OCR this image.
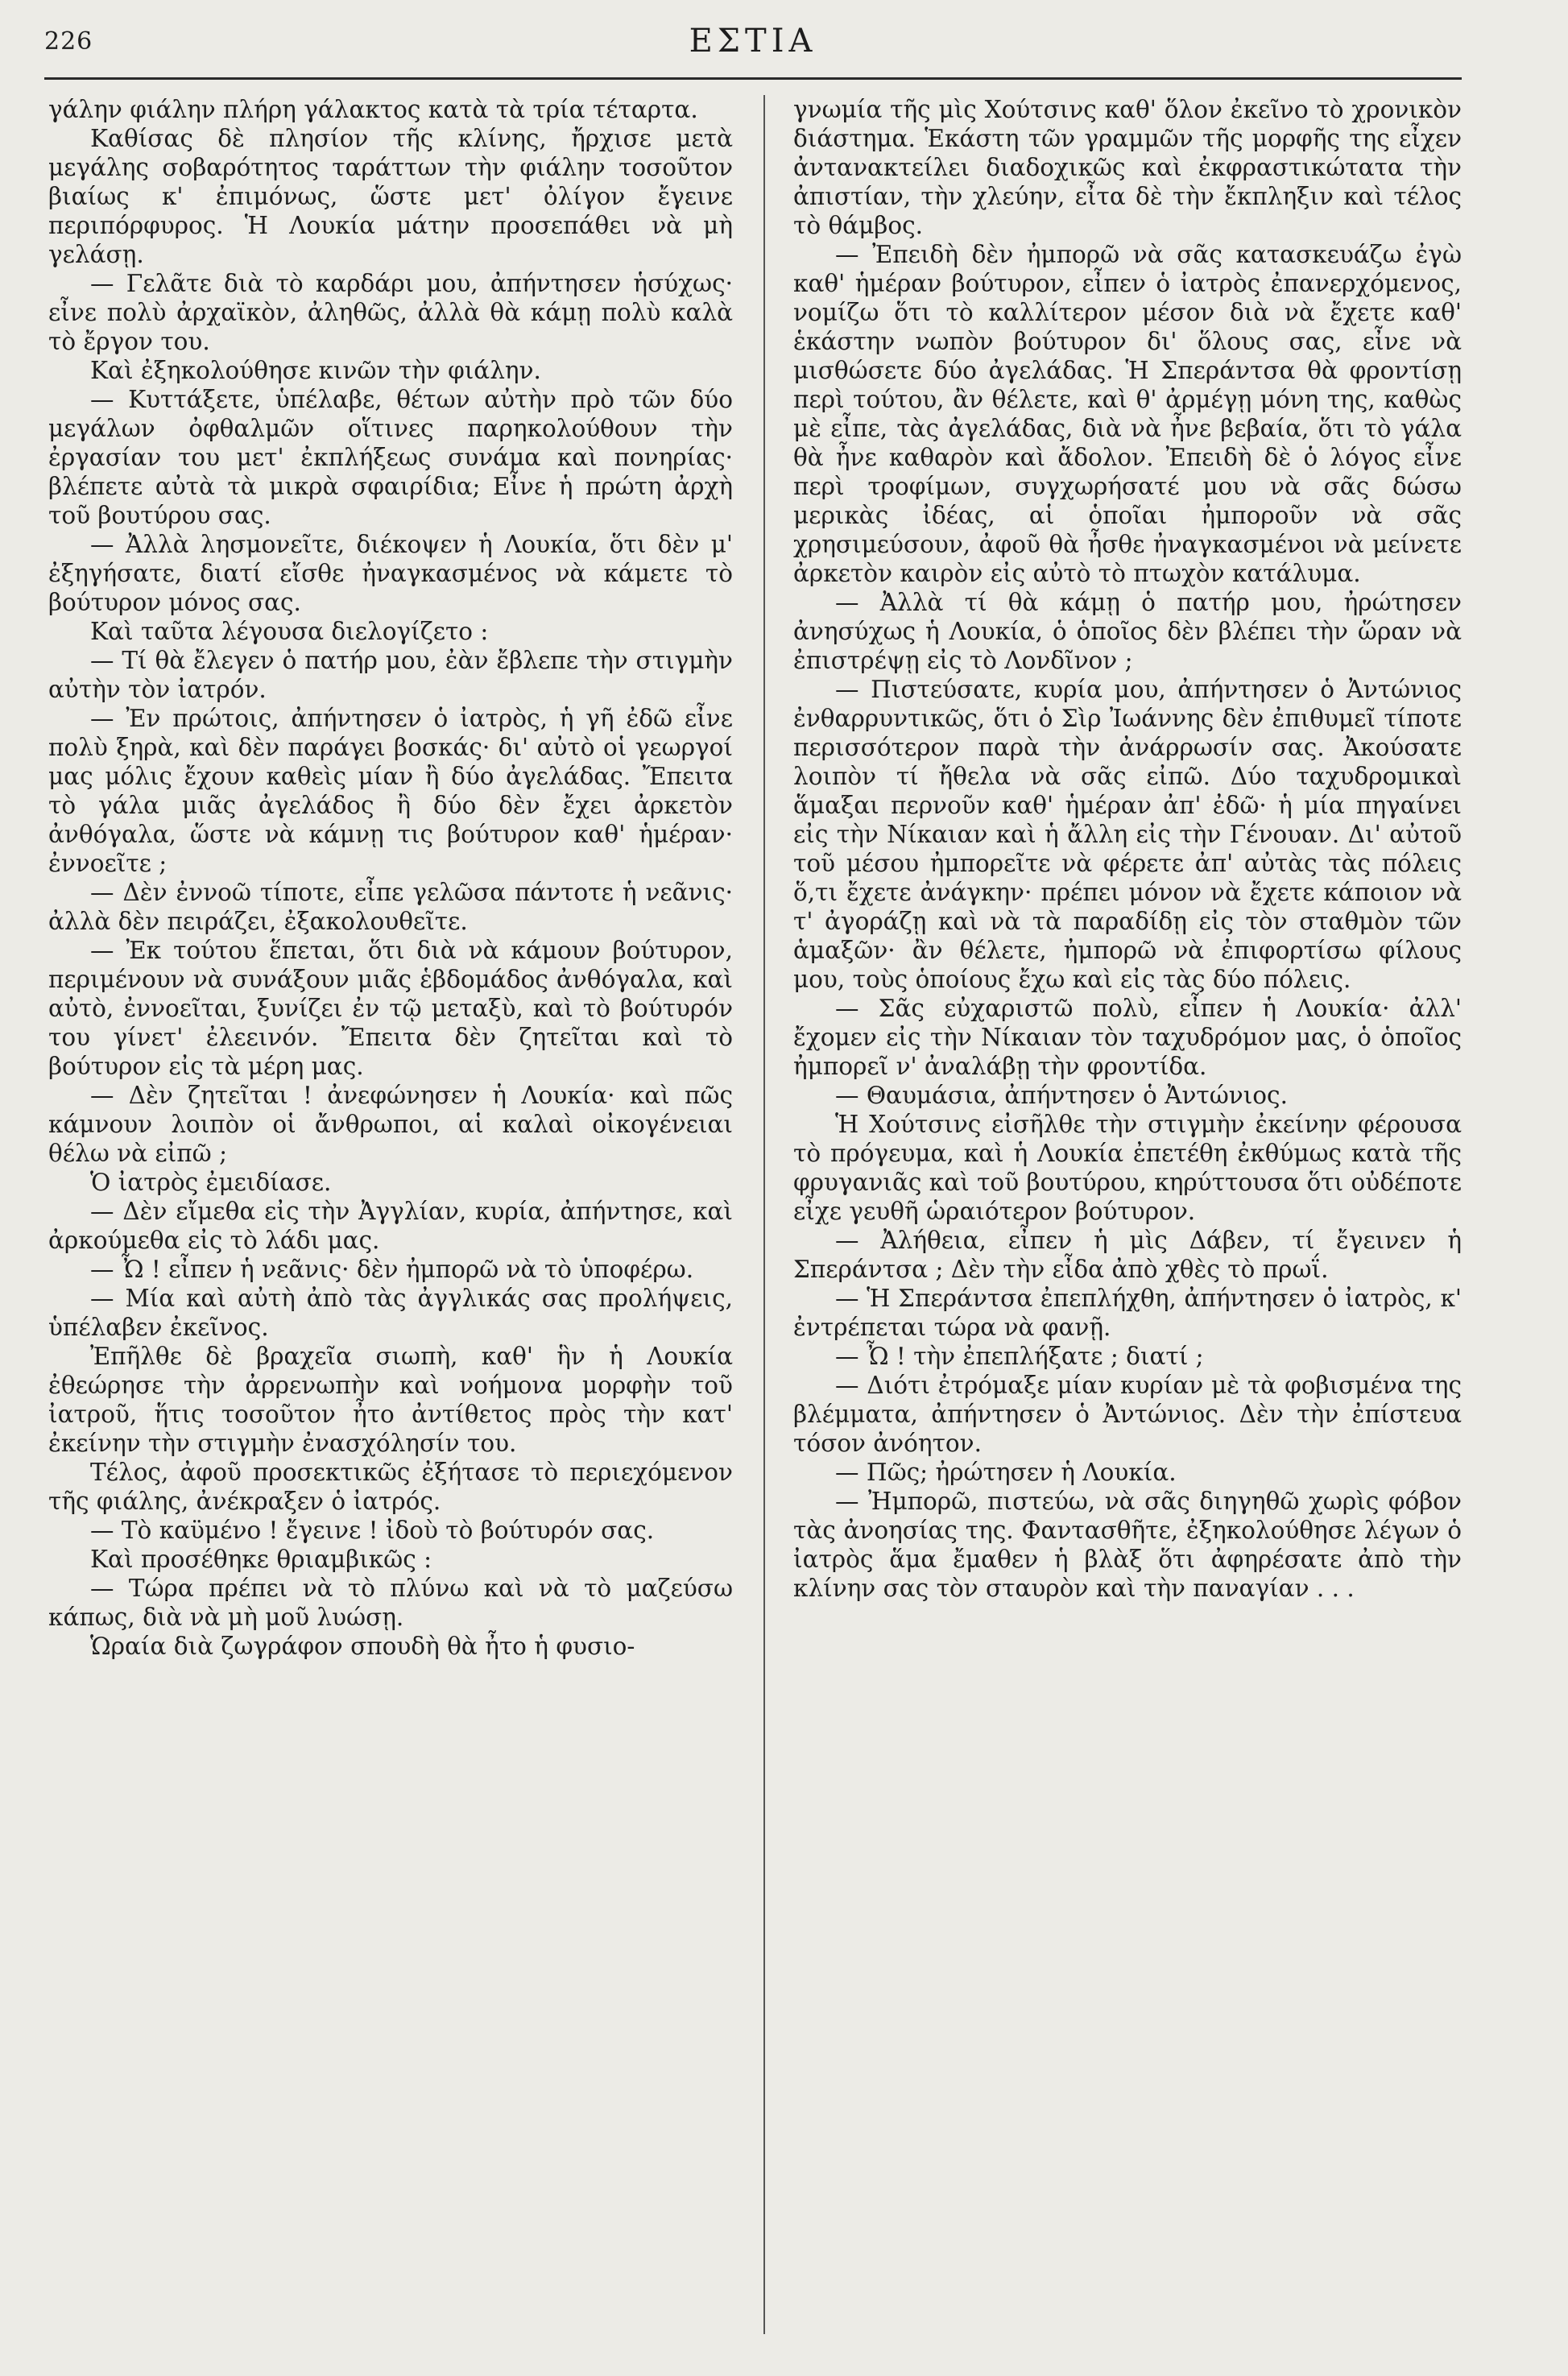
226	ΕΣΤΙΑ

γάλην φιάλην πλήρη γάλακτος κατὰ τὰ τρία τέταρτα.

Καθίσας δὲ πλησίον τῆς κλίνης, ἤρχισε μετὰ μεγάλης σοβαρότητος ταράττων τὴν φιάλην τοσοῦτον βιαίως κ' ἐπιμόνως, ὥστε μετ' ὀλίγον ἔγεινε περιπόρφυρος. Ἡ Λουκία μάτην προσεπάθει νὰ μὴ γελάσῃ.

— Γελᾶτε διὰ τὸ καρδάρι μου, ἀπήντησεν ἡσύχως· εἶνε πολὺ ἀρχαϊκὸν, ἀληθῶς, ἀλλὰ θὰ κάμῃ πολὺ καλὰ τὸ ἔργον του.

Καὶ ἐξηκολούθησε κινῶν τὴν φιάλην.

— Κυττάξετε, ὑπέλαβε, θέτων αὐτὴν πρὸ τῶν δύο μεγάλων ὀφθαλμῶν οἵτινες παρηκολούθουν τὴν ἐργασίαν του μετ' ἐκπλήξεως συνάμα καὶ πονηρίας· βλέπετε αὐτὰ τὰ μικρὰ σφαιρίδια; Εἶνε ἡ πρώτη ἀρχὴ τοῦ βουτύρου σας.

— Ἀλλὰ λησμονεῖτε, διέκοψεν ἡ Λουκία, ὅτι δὲν μ' ἐξηγήσατε, διατί εἴσθε ἠναγκασμένος νὰ κάμετε τὸ βούτυρον μόνος σας.

Καὶ ταῦτα λέγουσα διελογίζετο :

— Τί θὰ ἔλεγεν ὁ πατήρ μου, ἐὰν ἔβλεπε τὴν στιγμὴν αὐτὴν τὸν ἰατρόν.

— Ἐν πρώτοις, ἀπήντησεν ὁ ἰατρὸς, ἡ γῆ ἐδῶ εἶνε πολὺ ξηρὰ, καὶ δὲν παράγει βοσκάς· δι' αὐτὸ οἱ γεωργοί μας μόλις ἔχουν καθεὶς μίαν ἢ δύο ἀγελάδας. Ἔπειτα τὸ γάλα μιᾶς ἀγελάδος ἢ δύο δὲν ἔχει ἀρκετὸν ἀνθόγαλα, ὥστε νὰ κάμνῃ τις βούτυρον καθ' ἡμέραν· ἐννοεῖτε ;

— Δὲν ἐννοῶ τίποτε, εἶπε γελῶσα πάντοτε ἡ νεᾶνις· ἀλλὰ δὲν πειράζει, ἐξακολουθεῖτε.

— Ἐκ τούτου ἕπεται, ὅτι διὰ νὰ κάμουν βούτυρον, περιμένουν νὰ συνάξουν μιᾶς ἑβδομάδος ἀνθόγαλα, καὶ αὐτὸ, ἐννοεῖται, ξυνίζει ἐν τῷ μεταξὺ, καὶ τὸ βούτυρόν του γίνετ' ἐλεεινόν. Ἔπειτα δὲν ζητεῖται καὶ τὸ βούτυρον εἰς τὰ μέρη μας.

— Δὲν ζητεῖται ! ἀνεφώνησεν ἡ Λουκία· καὶ πῶς κάμνουν λοιπὸν οἱ ἄνθρωποι, αἱ καλαὶ οἰκογένειαι θέλω νὰ εἰπῶ ;

Ὁ ἰατρὸς ἐμειδίασε.

— Δὲν εἴμεθα εἰς τὴν Ἀγγλίαν, κυρία, ἀπήντησε, καὶ ἀρκούμεθα εἰς τὸ λάδι μας.

— Ὦ ! εἶπεν ἡ νεᾶνις· δὲν ἠμπορῶ νὰ τὸ ὑποφέρω.

— Μία καὶ αὐτὴ ἀπὸ τὰς ἀγγλικάς σας προλήψεις, ὑπέλαβεν ἐκεῖνος.

Ἐπῆλθε δὲ βραχεῖα σιωπὴ, καθ' ἣν ἡ Λουκία ἐθεώρησε τὴν ἀρρενωπὴν καὶ νοήμονα μορφὴν τοῦ ἰατροῦ, ἥτις τοσοῦτον ἦτο ἀντίθετος πρὸς τὴν κατ' ἐκείνην τὴν στιγμὴν ἐνασχόλησίν του.

Τέλος, ἀφοῦ προσεκτικῶς ἐξήτασε τὸ περιεχόμενον τῆς φιάλης, ἀνέκραξεν ὁ ἰατρός.

— Τὸ καϋμένο ! ἔγεινε ! ἰδοὺ τὸ βούτυρόν σας.

Καὶ προσέθηκε θριαμβικῶς :

— Τώρα πρέπει νὰ τὸ πλύνω καὶ νὰ τὸ μαζεύσω κάπως, διὰ νὰ μὴ μοῦ λυώσῃ.

Ὡραία διὰ ζωγράφον σπουδὴ θὰ ἦτο ἡ φυσιο-

γνωμία τῆς μὶς Χούτσινς καθ' ὅλον ἐκεῖνο τὸ χρονικὸν διάστημα. Ἑκάστη τῶν γραμμῶν τῆς μορφῆς της εἶχεν ἀντανακτείλει διαδοχικῶς καὶ ἐκφραστικώτατα τὴν ἀπιστίαν, τὴν χλεύην, εἶτα δὲ τὴν ἔκπληξιν καὶ τέλος τὸ θάμβος.

— Ἐπειδὴ δὲν ἠμπορῶ νὰ σᾶς κατασκευάζω ἐγὼ καθ' ἡμέραν βούτυρον, εἶπεν ὁ ἰατρὸς ἐπανερχόμενος, νομίζω ὅτι τὸ καλλίτερον μέσον διὰ νὰ ἔχετε καθ' ἑκάστην νωπὸν βούτυρον δι' ὅλους σας, εἶνε νὰ μισθώσετε δύο ἀγελάδας. Ἡ Σπεράντσα θὰ φροντίσῃ περὶ τούτου, ἂν θέλετε, καὶ θ' ἀρμέγῃ μόνη της, καθὼς μὲ εἶπε, τὰς ἀγελάδας, διὰ νὰ ἦνε βεβαία, ὅτι τὸ γάλα θὰ ἦνε καθαρὸν καὶ ἄδολον. Ἐπειδὴ δὲ ὁ λόγος εἶνε περὶ τροφίμων, συγχωρήσατέ μου νὰ σᾶς δώσω μερικὰς ἰδέας, αἱ ὁποῖαι ἠμποροῦν νὰ σᾶς χρησιμεύσουν, ἀφοῦ θὰ ἦσθε ἠναγκασμένοι νὰ μείνετε ἀρκετὸν καιρὸν εἰς αὐτὸ τὸ πτωχὸν κατάλυμα.

— Ἀλλὰ τί θὰ κάμῃ ὁ πατήρ μου, ἠρώτησεν ἀνησύχως ἡ Λουκία, ὁ ὁποῖος δὲν βλέπει τὴν ὥραν νὰ ἐπιστρέψῃ εἰς τὸ Λονδῖνον ;

— Πιστεύσατε, κυρία μου, ἀπήντησεν ὁ Ἀντώνιος ἐνθαρρυντικῶς, ὅτι ὁ Σὶρ Ἰωάννης δὲν ἐπιθυμεῖ τίποτε περισσότερον παρὰ τὴν ἀνάρρωσίν σας. Ἀκούσατε λοιπὸν τί ἤθελα νὰ σᾶς εἰπῶ. Δύο ταχυδρομικαὶ ἅμαξαι περνοῦν καθ' ἡμέραν ἀπ' ἐδῶ· ἡ μία πηγαίνει εἰς τὴν Νίκαιαν καὶ ἡ ἄλλη εἰς τὴν Γένουαν. Δι' αὐτοῦ τοῦ μέσου ἠμπορεῖτε νὰ φέρετε ἀπ' αὐτὰς τὰς πόλεις ὅ,τι ἔχετε ἀνάγκην· πρέπει μόνον νὰ ἔχετε κάποιον νὰ τ' ἀγοράζῃ καὶ νὰ τὰ παραδίδῃ εἰς τὸν σταθμὸν τῶν ἁμαξῶν· ἂν θέλετε, ἠμπορῶ νὰ ἐπιφορτίσω φίλους μου, τοὺς ὁποίους ἔχω καὶ εἰς τὰς δύο πόλεις.

— Σᾶς εὐχαριστῶ πολὺ, εἶπεν ἡ Λουκία· ἀλλ' ἔχομεν εἰς τὴν Νίκαιαν τὸν ταχυδρόμον μας, ὁ ὁποῖος ἠμπορεῖ ν' ἀναλάβῃ τὴν φροντίδα.

— Θαυμάσια, ἀπήντησεν ὁ Ἀντώνιος.

Ἡ Χούτσινς εἰσῆλθε τὴν στιγμὴν ἐκείνην φέρουσα τὸ πρόγευμα, καὶ ἡ Λουκία ἐπετέθη ἐκθύμως κατὰ τῆς φρυγανιᾶς καὶ τοῦ βουτύρου, κηρύττουσα ὅτι οὐδέποτε εἶχε γευθῆ ὡραιότερον βούτυρον.

— Ἀλήθεια, εἶπεν ἡ μὶς Δάβεν, τί ἔγεινεν ἡ Σπεράντσα ; Δὲν τὴν εἶδα ἀπὸ χθὲς τὸ πρωΐ.

— Ἡ Σπεράντσα ἐπεπλήχθη, ἀπήντησεν ὁ ἰατρὸς, κ' ἐντρέπεται τώρα νὰ φανῇ.

— Ὦ ! τὴν ἐπεπλήξατε ; διατί ;

— Διότι ἐτρόμαξε μίαν κυρίαν μὲ τὰ φοβισμένα της βλέμματα, ἀπήντησεν ὁ Ἀντώνιος. Δὲν τὴν ἐπίστευα τόσον ἀνόητον.

— Πῶς; ἠρώτησεν ἡ Λουκία.

— Ἠμπορῶ, πιστεύω, νὰ σᾶς διηγηθῶ χωρὶς φόβον τὰς ἀνοησίας της. Φαντασθῆτε, ἐξηκολούθησε λέγων ὁ ἰατρὸς ἅμα ἔμαθεν ἡ βλὰξ ὅτι ἀφηρέσατε ἀπὸ τὴν κλίνην σας τὸν σταυρὸν καὶ τὴν παναγίαν . . .
